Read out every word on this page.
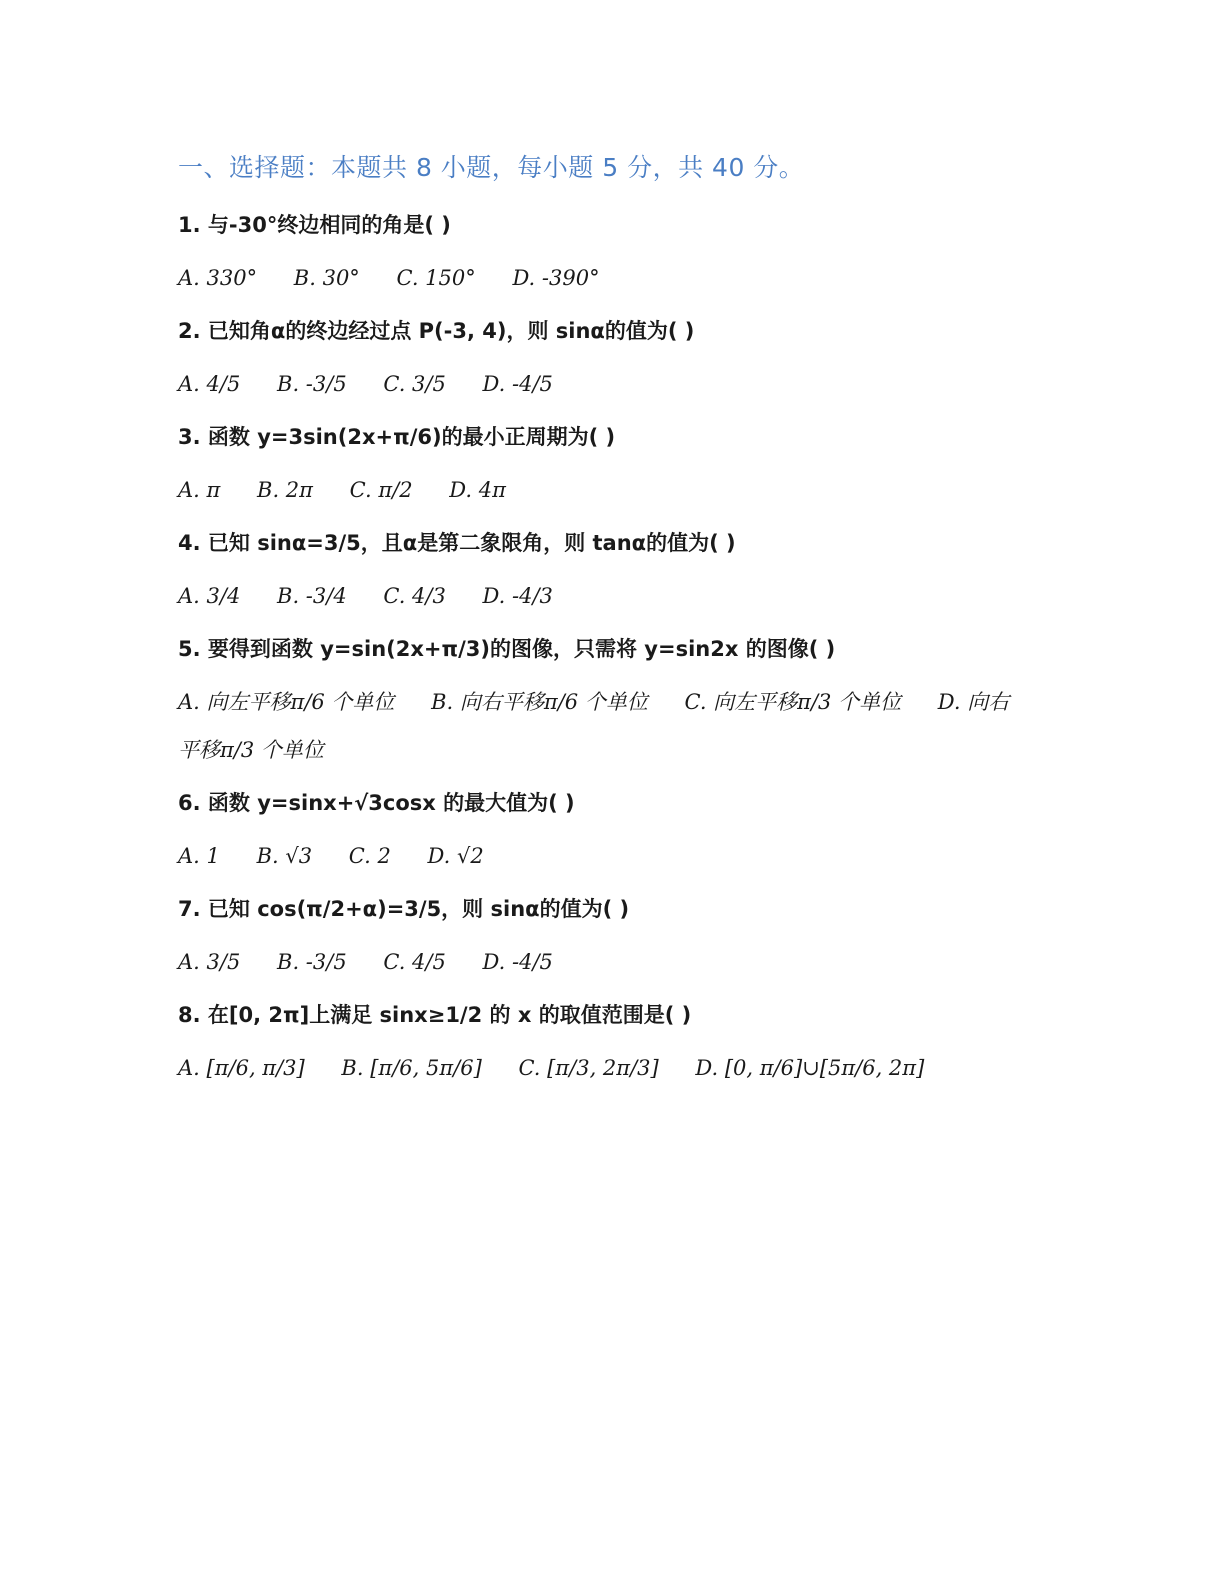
一、选择题：本题共 8 小题，每小题 5 分，共 40 分。
1. 与-30°终边相同的角是( )
A. 330° B. 30° C. 150° D. -390°
2. 已知角α的终边经过点 P(-3, 4)，则 sinα的值为( )
A. 4/5 B. -3/5 C. 3/5 D. -4/5
3. 函数 y=3sin(2x+π/6)的最小正周期为( )
A. π B. 2π C. π/2 D. 4π
4. 已知 sinα=3/5，且α是第二象限角，则 tanα的值为( )
A. 3/4 B. -3/4 C. 4/3 D. -4/3
5. 要得到函数 y=sin(2x+π/3)的图像，只需将 y=sin2x 的图像( )
A. 向左平移π/6 个单位 B. 向右平移π/6 个单位 C. 向左平移π/3 个单位 D. 向右平移π/3 个单位
6. 函数 y=sinx+√3cosx 的最大值为( )
A. 1 B. √3 C. 2 D. √2
7. 已知 cos(π/2+α)=3/5，则 sinα的值为( )
A. 3/5 B. -3/5 C. 4/5 D. -4/5
8. 在[0, 2π]上满足 sinx≥1/2 的 x 的取值范围是( )
A. [π/6, π/3] B. [π/6, 5π/6] C. [π/3, 2π/3] D. [0, π/6]∪[5π/6, 2π]
